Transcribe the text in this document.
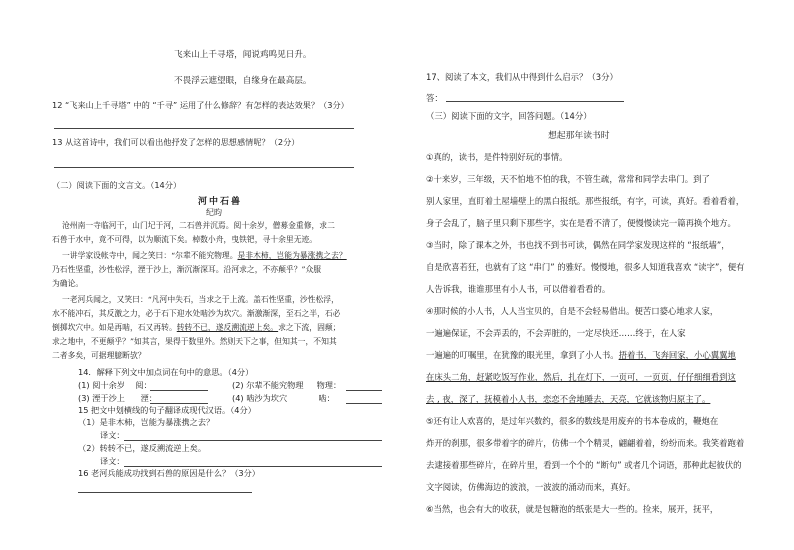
飞来山上千寻塔，闻说鸡鸣见日升。
不畏浮云遮望眼，自缘身在最高层。
12 “飞来山上千寻塔” 中的 “千寻” 运用了什么修辞？有怎样的表达效果？（3分）
13 从这首诗中，我们可以看出他抒发了怎样的思想感情呢？（2分）
（二）阅读下面的文言文。（14分）
河中石兽
纪昀
沧州南一寺临河干，山门圮于河，二石兽并沉焉。阅十余岁，僧募金重修，求二
石兽于水中，竟不可得，以为顺流下矣。棹数小舟，曳铁钯，寻十余里无迹。
一讲学家设帐寺中，闻之笑曰：“尔辈不能究物理。是非木柿，岂能为暴涨携之去？
乃石性坚重，沙性松浮，湮于沙上，渐沉渐深耳。沿河求之，不亦颠乎？”众服
为确论。
一老河兵闻之，又笑曰：“凡河中失石，当求之于上流。盖石性坚重，沙性松浮，
水不能冲石，其反激之力，必于石下迎水处啮沙为坎穴。渐激渐深，至石之半，石必
倒掷坎穴中。如是再啮，石又再转。转转不已，遂反溯流逆上矣。求之下流，固颠；
求之地中，不更颠乎？”如其言，果得于数里外。然则天下之事，但知其一，不知其
二者多矣，可据理臆断欤？
14．解释下列文中加点词在句中的意思。（4分）
(1) 阅十余岁 阅：	(2) 尔辈不能究物理 物理：
(3) 湮于沙上 湮：	(4) 啮沙为坎穴	啮：
15 把文中划横线的句子翻译成现代汉语。（4分）
（1）是非木柿，岂能为暴涨携之去？
译文：
（2）转转不已，遂反溯流逆上矣。
译文：
16 老河兵能成功找到石兽的原因是什么？（3分）
17、阅读了本文，我们从中得到什么启示？（3分）
答：
（三）阅读下面的文字，回答问题。（14分）
想起那年读书时
①真的，读书，是件特别好玩的事情。
②十来岁，三年级，天不怕地不怕的我，不管生疏，常常和同学去串门。到了
别人家里，直盯着土屋墙壁上的黑白报纸。那些报纸，有字，可读，真好。看着看着，
身子会乱了，脑子里只剩下那些字，实在是看不清了，便慢慢读完一篇再换个地方。
③当时，除了课本之外，书也找不到书可读，偶然在同学家发现这样的 “报纸墙”，
自是欣喜若狂，也就有了这 “串门” 的雅好。慢慢地，很多人知道我喜欢 “读字”，便有
人告诉我，谁谁那里有小人书，可以借着看看的。
④那时候的小人书，人人当宝贝的，自是不会轻易借出。便苦口婆心地求人家，
一遍遍保证，不会弄丢的，不会弄脏的，一定尽快还……终于，在人家
一遍遍的叮嘱里，在犹豫的眼光里，拿到了小人书。捂着书，飞奔回家，小心翼翼地
在床头二角，赶紧吃饭写作业，然后，扎在灯下，一页可，一页页，仔仔细细看到这
去 , 夜，深了，抚模着小人书，恋恋不舍地睡去，天亮，它就该物归原主了。
⑤还有让人欢喜的，是过年兴数约，很多的数线是用废弃的书本卷成的，鞭炮在
炸开的刹那，很多带着字的碎片，仿佛一个个精灵，翩翩着着，纷纷而来。我笑着跑着
去逮接着那些碎片，在碎片里，看到一个个的 “断句” 或者几个词语，那种此起彼伏的
文字阅读，仿佛海边的波浪，一波波的涌动而来，真好。
⑥当然，也会有大的收获，就是包糖泡的纸张是大一些的。捡来，展开，抚平，
